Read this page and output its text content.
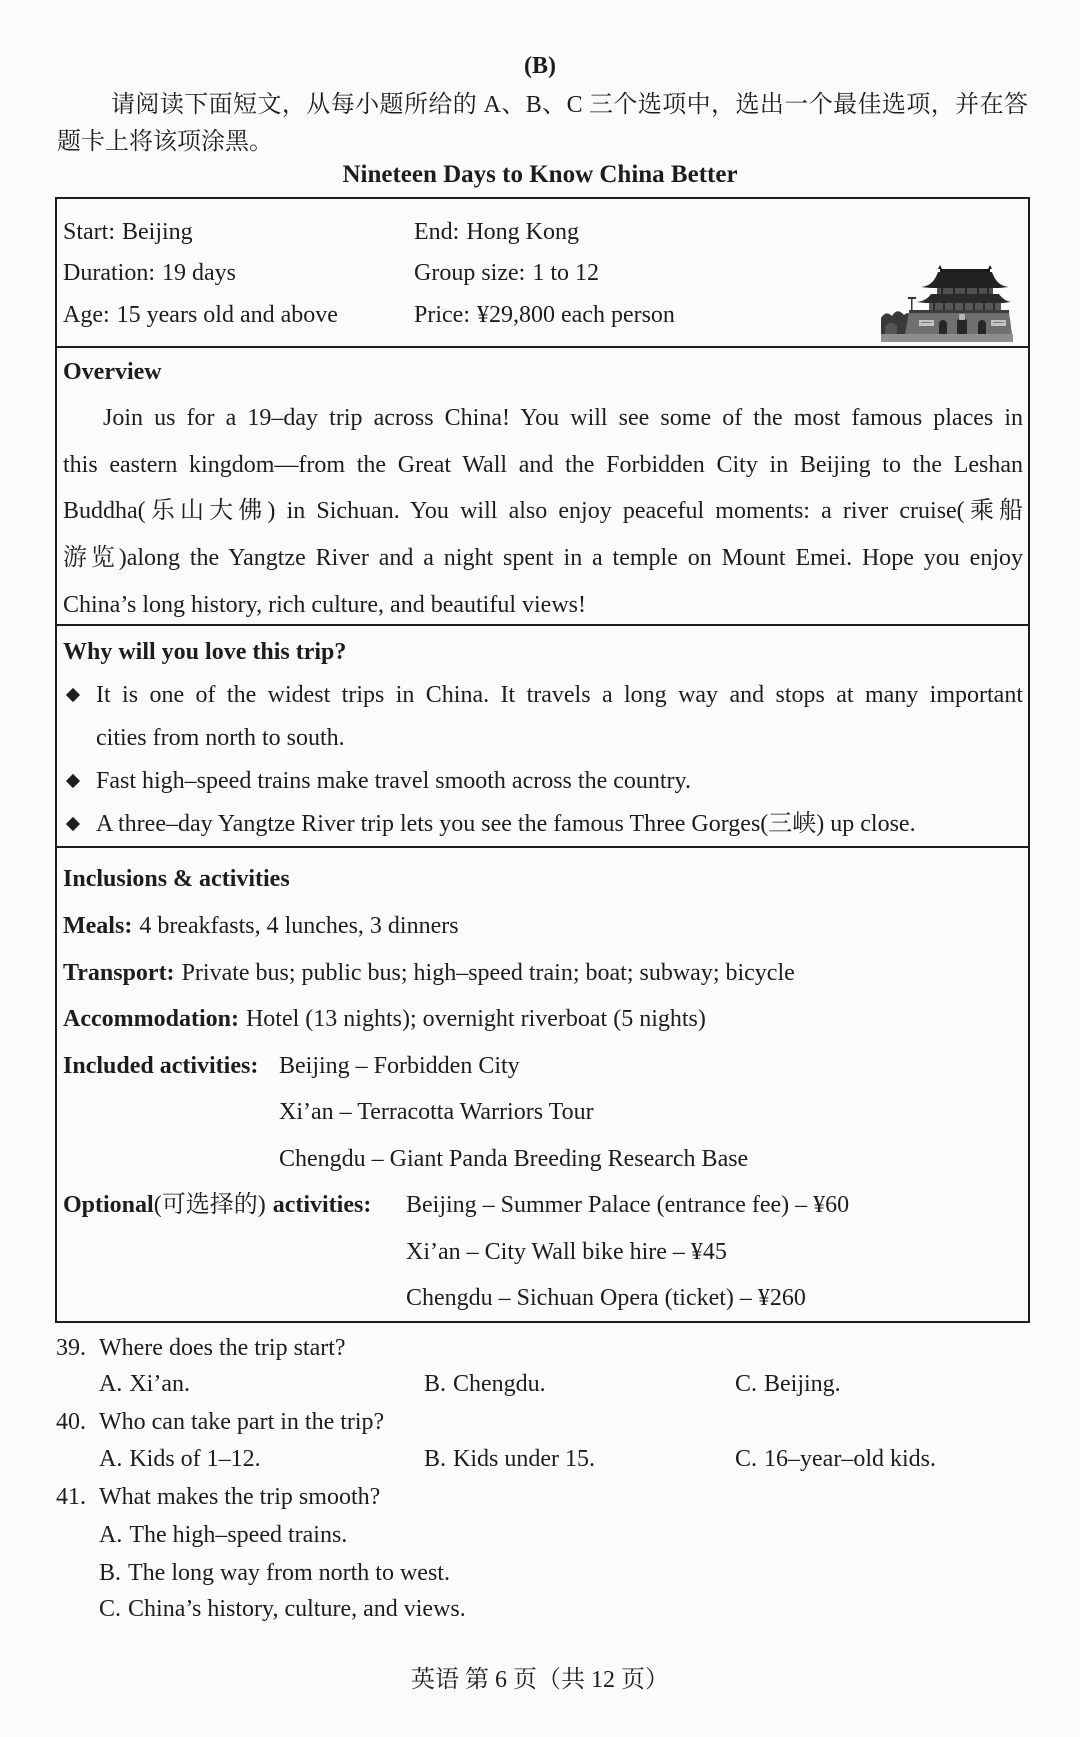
(B)
请阅读下面短文，从每小题所给的 A、B、C 三个选项中，选出一个最佳选项，并在答
题卡上将该项涂黑。
Nineteen Days to Know China Better
Start: Beijing	End: Hong Kong
Duration: 19 days	Group size: 1 to 12
Age: 15 years old and above	Price: ¥29,800 each person
Overview
Join us for a 19–day trip across China! You will see some of the most famous places in
this eastern kingdom—from the Great Wall and the Forbidden City in Beijing to the Leshan
Buddha(乐山大佛) in Sichuan. You will also enjoy peaceful moments: a river cruise(乘船
游览)along the Yangtze River and a night spent in a temple on Mount Emei. Hope you enjoy
China’s long history, rich culture, and beautiful views!
Why will you love this trip?
It is one of the widest trips in China. It travels a long way and stops at many important
cities from north to south.
Fast high–speed trains make travel smooth across the country.
A three–day Yangtze River trip lets you see the famous Three Gorges(三峡) up close.
Inclusions & activities
Meals: 4 breakfasts, 4 lunches, 3 dinners
Transport: Private bus; public bus; high–speed train; boat; subway; bicycle
Accommodation: Hotel (13 nights); overnight riverboat (5 nights)
Included activities: Beijing – Forbidden City
Xi’an – Terracotta Warriors Tour
Chengdu – Giant Panda Breeding Research Base
Optional(可选择的) activities: Beijing – Summer Palace (entrance fee) – ¥60
Xi’an – City Wall bike hire – ¥45
Chengdu – Sichuan Opera (ticket) – ¥260
39. Where does the trip start?
A. Xi’an.	B. Chengdu.	C. Beijing.
40. Who can take part in the trip?
A. Kids of 1–12.	B. Kids under 15.	C. 16–year–old kids.
41. What makes the trip smooth?
A. The high–speed trains.
B. The long way from north to west.
C. China’s history, culture, and views.
英语 第 6 页（共 12 页）
